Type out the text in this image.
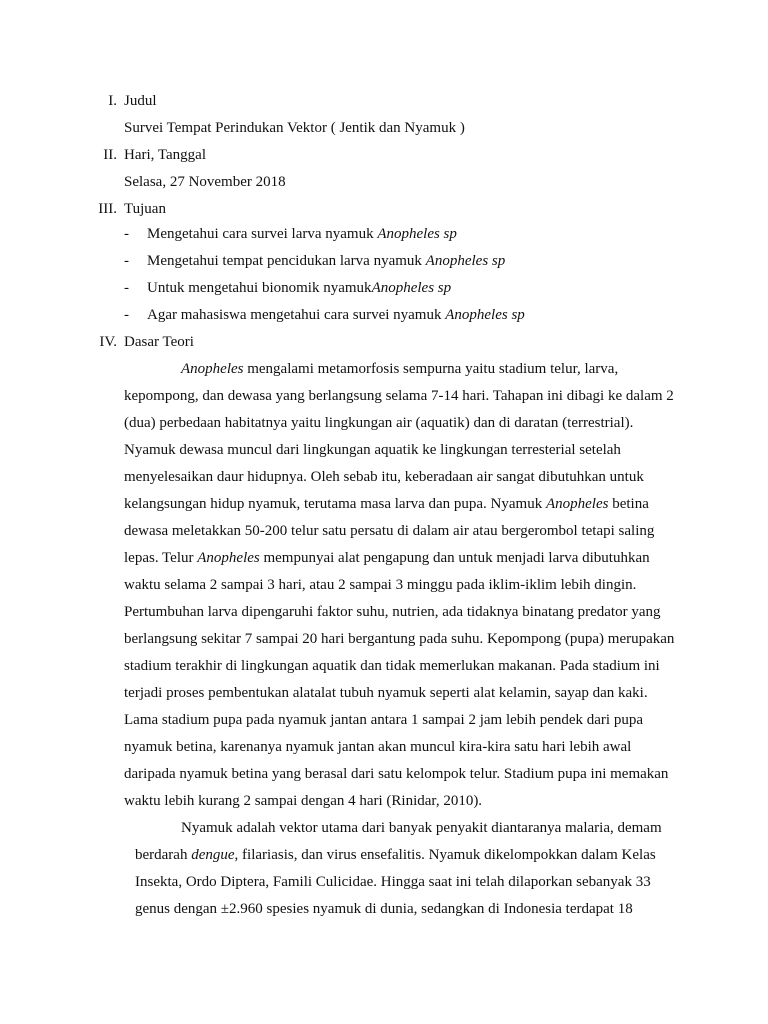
I. Judul
Survei Tempat Perindukan Vektor ( Jentik dan Nyamuk )
II. Hari, Tanggal
Selasa, 27 November 2018
III. Tujuan
- Mengetahui cara survei larva nyamuk Anopheles sp
- Mengetahui tempat pencidukan larva nyamuk Anopheles sp
- Untuk mengetahui bionomik nyamukAnopheles sp
- Agar mahasiswa mengetahui cara survei nyamuk Anopheles sp
IV. Dasar Teori
Anopheles mengalami metamorfosis sempurna yaitu stadium telur, larva,
kepompong, dan dewasa yang berlangsung selama 7-14 hari. Tahapan ini dibagi ke dalam 2
(dua) perbedaan habitatnya yaitu lingkungan air (aquatik) dan di daratan (terrestrial).
Nyamuk dewasa muncul dari lingkungan aquatik ke lingkungan terresterial setelah
menyelesaikan daur hidupnya. Oleh sebab itu, keberadaan air sangat dibutuhkan untuk
kelangsungan hidup nyamuk, terutama masa larva dan pupa. Nyamuk Anopheles betina
dewasa meletakkan 50-200 telur satu persatu di dalam air atau bergerombol tetapi saling
lepas. Telur Anopheles mempunyai alat pengapung dan untuk menjadi larva dibutuhkan
waktu selama 2 sampai 3 hari, atau 2 sampai 3 minggu pada iklim-iklim lebih dingin.
Pertumbuhan larva dipengaruhi faktor suhu, nutrien, ada tidaknya binatang predator yang
berlangsung sekitar 7 sampai 20 hari bergantung pada suhu. Kepompong (pupa) merupakan
stadium terakhir di lingkungan aquatik dan tidak memerlukan makanan. Pada stadium ini
terjadi proses pembentukan alatalat tubuh nyamuk seperti alat kelamin, sayap dan kaki.
Lama stadium pupa pada nyamuk jantan antara 1 sampai 2 jam lebih pendek dari pupa
nyamuk betina, karenanya nyamuk jantan akan muncul kira-kira satu hari lebih awal
daripada nyamuk betina yang berasal dari satu kelompok telur. Stadium pupa ini memakan
waktu lebih kurang 2 sampai dengan 4 hari (Rinidar, 2010).
Nyamuk adalah vektor utama dari banyak penyakit diantaranya malaria, demam
berdarah dengue, filariasis, dan virus ensefalitis. Nyamuk dikelompokkan dalam Kelas
Insekta, Ordo Diptera, Famili Culicidae. Hingga saat ini telah dilaporkan sebanyak 33
genus dengan ±2.960 spesies nyamuk di dunia, sedangkan di Indonesia terdapat 18
